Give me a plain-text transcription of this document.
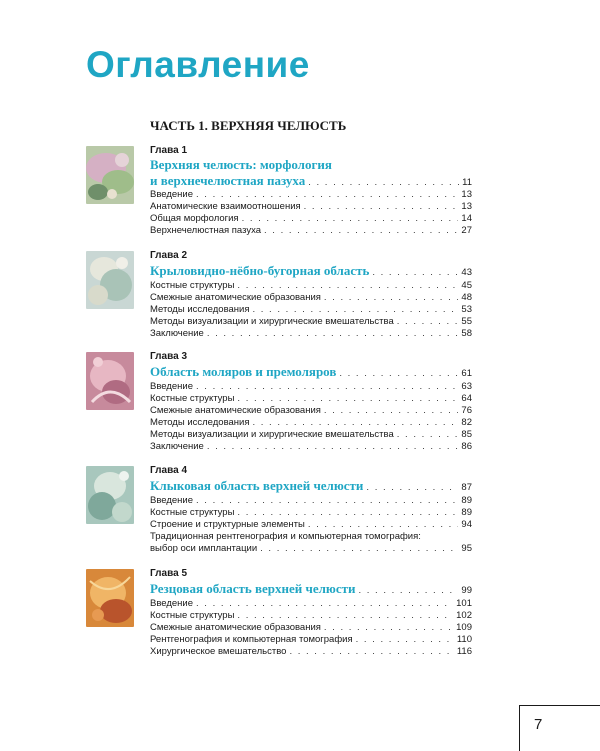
Оглавление
ЧАСТЬ 1. ВЕРХНЯЯ ЧЕЛЮСТЬ
Глава 1
Верхняя челюсть: морфология
и верхнечелюстная пазуха . . .	11
Введение . . .	13
Анатомические взаимоотношения . . .	13
Общая морфология . . .	14
Верхнечелюстная пазуха . . .	27
Глава 2
Крыловидно-нёбно-бугорная область . . .	43
Костные структуры . . .	45
Смежные анатомические образования . . .	48
Методы исследования . . .	53
Методы визуализации и хирургические вмешательства . . .	55
Заключение . . .	58
Глава 3
Область моляров и премоляров . . .	61
Введение . . .	63
Костные структуры . . .	64
Смежные анатомические образования . . .	76
Методы исследования . . .	82
Методы визуализации и хирургические вмешательства . . .	85
Заключение . . .	86
Глава 4
Клыковая область верхней челюсти . . .	87
Введение . . .	89
Костные структуры . . .	89
Строение и структурные элементы . . .	94
Традиционная рентгенография и компьютерная томография:
выбор оси имплантации . . .	95
Глава 5
Резцовая область верхней челюсти . . .	99
Введение . . .	101
Костные структуры . . .	102
Смежные анатомические образования . . .	109
Рентгенография и компьютерная томография . . .	110
Хирургическое вмешательство . . .	116
7
